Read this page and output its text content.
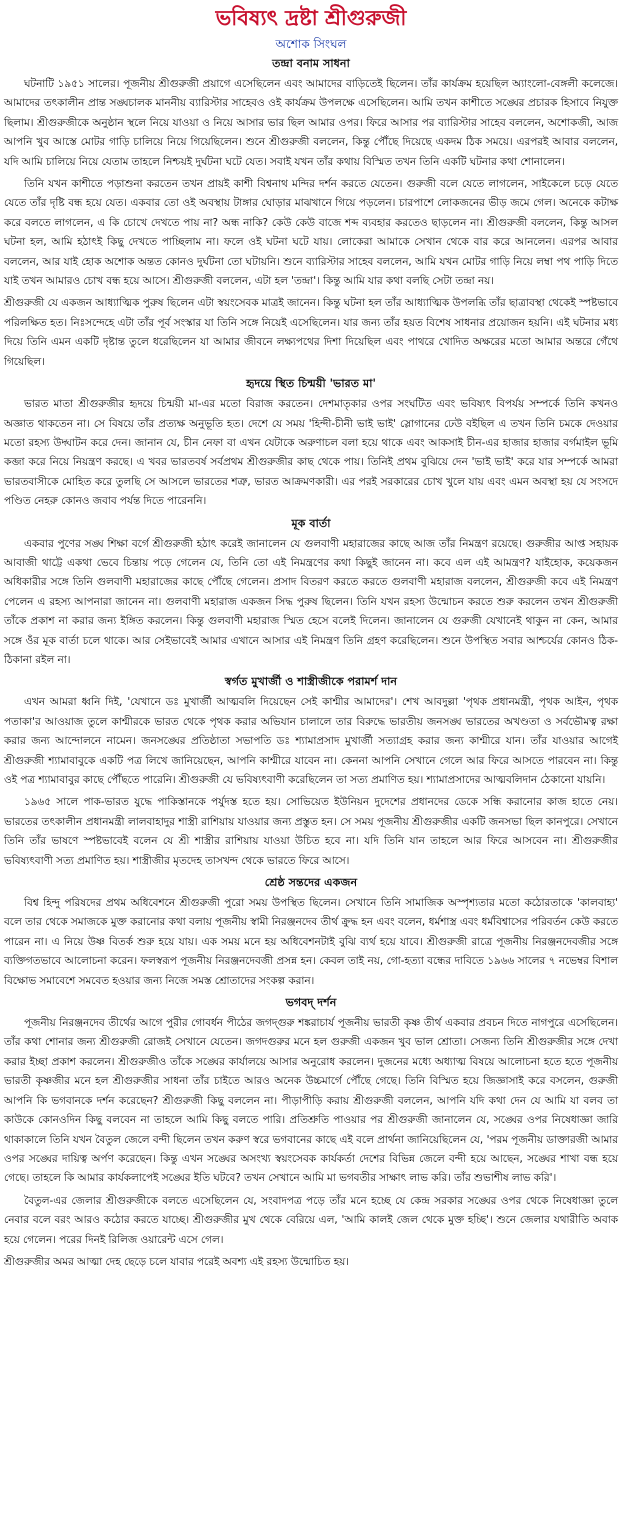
ভবিষ্যৎ দ্রষ্টা শ্রীগুরুজী
অশোক সিংঘল
তন্দ্রা বনাম সাধনা

ঘটনাটি ১৯৫১ সালের। পূজনীয় শ্রীগুরুজী প্রয়াগে এসেছিলেন এবং আমাদের বাড়িতেই ছিলেন। তাঁর কার্যক্রম হয়েছিল অ্যাংলো-বেঙ্গলী কলেজে। আমাদের তৎকালীন প্রান্ত সঙ্ঘচালক মাননীয় ব্যারিস্টার সাহেবও ওই কার্যক্রম উপলক্ষে এসেছিলেন। আমি তখন কাশীতে সঙ্ঘের প্রচারক হিসাবে নিযুক্ত ছিলাম। শ্রীগুরুজীকে অনুষ্ঠান স্থলে নিয়ে যাওয়া ও নিয়ে আসার ভার ছিল আমার ওপর। ফিরে আসার পর ব্যারিস্টার সাহেব বললেন, অশোকজী, আজ আপনি খুব আস্তে মোটর গাড়ি চালিয়ে নিয়ে গিয়েছিলেন। শুনে শ্রীগুরুজী বললেন, কিন্তু পৌঁছে দিয়েছে একদম ঠিক সময়ে। এরপরই আবার বললেন, যদি আমি চালিয়ে নিয়ে যেতাম তাহলে নিশ্চয়ই দুর্ঘটনা ঘটে যেত। সবাই যখন তাঁর কথায় বিস্মিত তখন তিনি একটি ঘটনার কথা শোনালেন।

তিনি যখন কাশীতে পড়াশুনা করতেন তখন প্রায়ই কাশী বিশ্বনাথ মন্দির দর্শন করতে যেতেন। গুরুজী বলে যেতে লাগলেন, সাইকেলে চড়ে যেতে যেতে তাঁর দৃষ্টি বন্ধ হয়ে যেত। একবার তো ওই অবস্থায় টাঙ্গার ঘোড়ার মাঝখানে গিয়ে পড়লেন। চারপাশে লোকজনের ভীড় জমে গেল। অনেকে কটাক্ষ করে বলতে লাগলেন, এ কি চোখে দেখতে পায় না? অন্ধ নাকি? কেউ কেউ বাজে শব্দ ব্যবহার করতেও ছাড়লেন না। শ্রীগুরুজী বললেন, কিন্তু আসল ঘটনা হল, আমি হঠাৎই কিছু দেখতে পাচ্ছিলাম না। ফলে ওই ঘটনা ঘটে যায়। লোকেরা আমাকে সেখান থেকে বার করে আনলেন। এরপর আবার বললেন, আর যাই হোক অশোক অন্তত কোনও দুর্ঘটনা তো ঘটায়নি। শুনে ব্যারিস্টার সাহেব বললেন, আমি যখন মোটর গাড়ি নিয়ে লম্বা পথ পাড়ি দিতে যাই তখন আমারও চোখ বন্ধ হয়ে আসে। শ্রীগুরুজী বললেন, এটা হল 'তন্দ্রা'। কিন্তু আমি যার কথা বলছি সেটা তন্দ্রা নয়।

শ্রীগুরুজী যে একজন আধ্যাত্মিক পুরুষ ছিলেন এটা স্বয়ংসেবক মাত্রই জানেন। কিন্তু ঘটনা হল তাঁর আধ্যাত্মিক উপলব্ধি তাঁর ছাত্রাবস্থা থেকেই স্পষ্টভাবে পরিলক্ষিত হত। নিঃসন্দেহে এটা তাঁর পূর্ব সংস্কার যা তিনি সঙ্গে নিয়েই এসেছিলেন। যার জন্য তাঁর হয়ত বিশেষ সাধনার প্রয়োজন হয়নি। এই ঘটনার মধ্য দিয়ে তিনি এমন একটি দৃষ্টান্ত তুলে ধরেছিলেন যা আমার জীবনে লক্ষ্যপথের দিশা দিয়েছিল এবং পাথরে খোদিত অক্ষরের মতো আমার অন্তরে গেঁথে গিয়েছিল।

হৃদয়ে স্থিত চিন্ময়ী 'ভারত মা'

ভারত মাতা শ্রীগুরুজীর হৃদয়ে চিন্ময়ী মা-এর মতো বিরাজ করতেন। দেশমাতৃকার ওপর সংঘটিত এবং ভবিষ্যৎ বিপর্যয় সম্পর্কে তিনি কখনও অজ্ঞাত থাকতেন না। সে বিষয়ে তাঁর প্রত্যক্ষ অনুভূতি হত। দেশে যে সময় 'হিন্দী-চীনী ভাই ভাই' স্লোগানের ঢেউ বইছিল এ তখন তিনি চমকে দেওয়ার মতো রহস্য উদ্ঘাটন করে দেন। জানান যে, চীন নেফা বা এখন যেটাকে অরুণাচল বলা হয়ে থাকে এবং আকসাই চীন-এর হাজার হাজার বর্গমাইল ভূমি কব্জা করে নিয়ে নিয়ন্ত্রণ করছে। এ খবর ভারতবর্ষ সর্বপ্রথম শ্রীগুরুজীর কাছ থেকে পায়। তিনিই প্রথম বুঝিয়ে দেন 'ভাই ভাই' করে যার সম্পর্কে আমরা ভারতবাসীকে মোহিত করে তুলছি সে আসলে ভারতের শত্রু, ভারত আক্রমণকারী। এর পরই সরকারের চোখ খুলে যায় এবং এমন অবস্থা হয় যে সংসদে পণ্ডিত নেহরু কোনও জবাব পর্যন্ত দিতে পারেননি।

মূক বার্তা

একবার পুণের সঙ্ঘ শিক্ষা বর্গে শ্রীগুরুজী হঠাৎ করেই জানালেন যে গুলবাণী মহারাজের কাছে আজ তাঁর নিমন্ত্রণ রয়েছে। গুরুজীর আপ্ত সহায়ক আবাজী থাট্টে একথা ভেবে চিন্তায় পড়ে গেলেন যে, তিনি তো এই নিমন্ত্রণের কথা কিছুই জানেন না। কবে এল এই আমন্ত্রণ? যাইহোক, কয়েকজন অধিকারীর সঙ্গে তিনি গুলবাণী মহারাজের কাছে পৌঁছে গেলেন। প্রসাদ বিতরণ করতে করতে গুলবাণী মহারাজ বললেন, শ্রীগুরুজী কবে এই নিমন্ত্রণ পেলেন এ রহস্য আপনারা জানেন না। গুলবাণী মহারাজ একজন সিদ্ধ পুরুষ ছিলেন। তিনি যখন রহস্য উন্মোচন করতে শুরু করলেন তখন শ্রীগুরুজী তাঁকে প্রকাশ না করার জন্য ইঙ্গিত করলেন। কিন্তু গুলবাণী মহারাজ স্মিত হেসে বলেই দিলেন। জানালেন যে গুরুজী যেখানেই থাকুন না কেন, আমার সঙ্গে ওঁর মূক বার্তা চলে থাকে। আর সেইভাবেই আমার এখানে আসার এই নিমন্ত্রণ তিনি গ্রহণ করেছিলেন। শুনে উপস্থিত সবার আশ্চর্যের কোনও ঠিক-ঠিকানা রইল না।

স্বর্গত মুখার্জী ও শাস্ত্রীজীকে পরামর্শ দান

এখন আমরা ধ্বনি দিই, 'যেখানে ডঃ মুখার্জী আত্মবলি দিয়েছেন সেই কাশ্মীর আমাদের'। শেখ আবদুল্লা 'পৃথক প্রধানমন্ত্রী, পৃথক আইন, পৃথক পতাকা'র আওয়াজ তুলে কাশ্মীরকে ভারত থেকে পৃথক করার অভিযান চালালে তার বিরুদ্ধে ভারতীয় জনসঙ্ঘ ভারতের অখণ্ডতা ও সর্বভৌমত্ব রক্ষা করার জন্য আন্দোলনে নামেন। জনসঙ্ঘের প্রতিষ্ঠাতা সভাপতি ডঃ শ্যামাপ্রসাদ মুখার্জী সত্যাগ্রহ করার জন্য কাশ্মীরে যান। তাঁর যাওয়ার আগেই শ্রীগুরুজী শ্যামাবাবুকে একটি পত্র লিখে জানিয়েছেন, আপনি কাশ্মীরে যাবেন না। কেননা আপনি সেখানে গেলে আর ফিরে আসতে পারবেন না। কিন্তু ওই পত্র শ্যামাবাবুর কাছে পৌঁছতে পারেনি। শ্রীগুরুজী যে ভবিষ্যৎবাণী করেছিলেন তা সত্য প্রমাণিত হয়। শ্যামাপ্রসাদের আত্মবলিদান ঠেকানো যায়নি।

১৯৬৫ সালে পাক-ভারত যুদ্ধে পাকিস্তানকে পর্যুদস্ত হতে হয়। সোভিয়েত ইউনিয়ন দুদেশের প্রধানদের ডেকে সন্ধি করানোর কাজ হাতে নেয়। ভারতের তৎকালীন প্রধানমন্ত্রী লালবাহাদুর শাস্ত্রী রাশিয়ায় যাওয়ার জন্য প্রস্তুত হন। সে সময় পূজনীয় শ্রীগুরুজীর একটি জনসভা ছিল কানপুরে। সেখানে তিনি তাঁর ভাষণে স্পষ্টভাবেই বলেন যে শ্রী শাস্ত্রীর রাশিয়ায় যাওয়া উচিত হবে না। যদি তিনি যান তাহলে আর ফিরে আসবেন না। শ্রীগুরুজীর ভবিষ্যৎবাণী সত্য প্রমাণিত হয়। শাস্ত্রীজীর মৃতদেহ তাসখন্দ থেকে ভারতে ফিরে আসে।

শ্রেষ্ঠ সন্তদের একজন

বিশ্ব হিন্দু পরিষদের প্রথম অধিবেশনে শ্রীগুরুজী পুরো সময় উপস্থিত ছিলেন। সেখানে তিনি সামাজিক অস্পৃশ্যতার মতো কঠোরতাকে 'কালবাহ্য' বলে তার থেকে সমাজকে মুক্ত করানোর কথা বলায় পূজনীয় স্বামী নিরঞ্জনদেব তীর্থ ক্রুদ্ধ হন এবং বলেন, ধর্মশাস্ত্র এবং ধর্মবিশ্বাসের পরিবর্তন কেউ করতে পারেন না। এ নিয়ে উষ্ণ বিতর্ক শুরু হয়ে যায়। এক সময় মনে হয় অধিবেশনটাই বুঝি ব্যর্থ হয়ে যাবে। শ্রীগুরুজী রাত্রে পূজনীয় নিরঞ্জনদেবজীর সঙ্গে ব্যক্তিগতভাবে আলোচনা করেন। ফলস্বরূপ পূজনীয় নিরঞ্জনদেবজী প্রসন্ন হন। কেবল তাই নয়, গো-হত্যা বন্ধের দাবিতে ১৯৬৬ সালের ৭ নভেম্বর বিশাল বিক্ষোভ সমাবেশে সমবেত হওয়ার জন্য নিজে সমস্ত শ্রোতাদের সংকল্প করান।

ভগবদ্ দর্শন

পূজনীয় নিরঞ্জনদেব তীর্থের আগে পুরীর গোবর্ধন পীঠের জগদ্গুরু শঙ্করাচার্য পূজনীয় ভারতী কৃষ্ণ তীর্থ একবার প্রবচন দিতে নাগপুরে এসেছিলেন। তাঁর কথা শোনার জন্য শ্রীগুরুজী রোজই সেখানে যেতেন। জগদগুরুর মনে হল গুরুজী একজন খুব ভাল শ্রোতা। সেজন্য তিনি শ্রীগুরুজীর সঙ্গে দেখা করার ইচ্ছা প্রকাশ করলেন। শ্রীগুরুজীও তাঁকে সঙ্ঘের কার্যালয়ে আসার অনুরোধ করলেন। দুজনের মধ্যে অধ্যাত্ম বিষয়ে আলোচনা হতে হতে পূজনীয় ভারতী কৃষ্ণজীর মনে হল শ্রীগুরুজীর সাধনা তাঁর চাইতে আরও অনেক উচ্চমার্গে পৌঁছে গেছে। তিনি বিস্মিত হয়ে জিজ্ঞাসাই করে বসলেন, গুরুজী আপনি কি ভগবানকে দর্শন করেছেন? শ্রীগুরুজী কিছু বললেন না। পীড়াপীড়ি করায় শ্রীগুরুজী বললেন, আপনি যদি কথা দেন যে আমি যা বলব তা কাউকে কোনওদিন কিছু বলবেন না তাহলে আমি কিছু বলতে পারি। প্রতিশ্রুতি পাওয়ার পর শ্রীগুরুজী জানালেন যে, সঙ্ঘের ওপর নিষেধাজ্ঞা জারি থাকাকালে তিনি যখন বৈতুল জেলে বন্দী ছিলেন তখন করুণ স্বরে ভগবানের কাছে এই বলে প্রার্থনা জানিয়েছিলেন যে, 'পরম পূজনীয় ডাক্তারজী আমার ওপর সঙ্ঘের দায়িত্ব অর্পণ করেছেন। কিন্তু এখন সঙ্ঘের অসংখ্য স্বয়ংসেবক কার্যকর্তা দেশের বিভিন্ন জেলে বন্দী হয়ে আছেন, সঙ্ঘের শাখা বন্ধ হয়ে গেছে। তাহলে কি আমার কার্যকলাপেই সঙ্ঘের ইতি ঘটবে? তখন সেখানে আমি মা ভগবতীর সাক্ষাৎ লাভ করি। তাঁর শুভাশীষ লাভ করি'।

বৈতুল-এর জেলার শ্রীগুরুজীকে বলতে এসেছিলেন যে, সংবাদপত্র পড়ে তাঁর মনে হচ্ছে যে কেন্দ্র সরকার সঙ্ঘের ওপর থেকে নিষেধাজ্ঞা তুলে নেবার বলে বরং আরও কঠোর করতে যাচ্ছে। শ্রীগুরুজীর মুখ থেকে বেরিয়ে এল, 'আমি কালই জেল থেকে মুক্ত হচ্ছি'। শুনে জেলার যথারীতি অবাক হয়ে গেলেন। পরের দিনই রিলিজ ওয়ারেন্ট এসে গেল।

শ্রীগুরুজীর অমর আত্মা দেহ ছেড়ে চলে যাবার পরেই অবশ্য এই রহস্য উন্মোচিত হয়।
